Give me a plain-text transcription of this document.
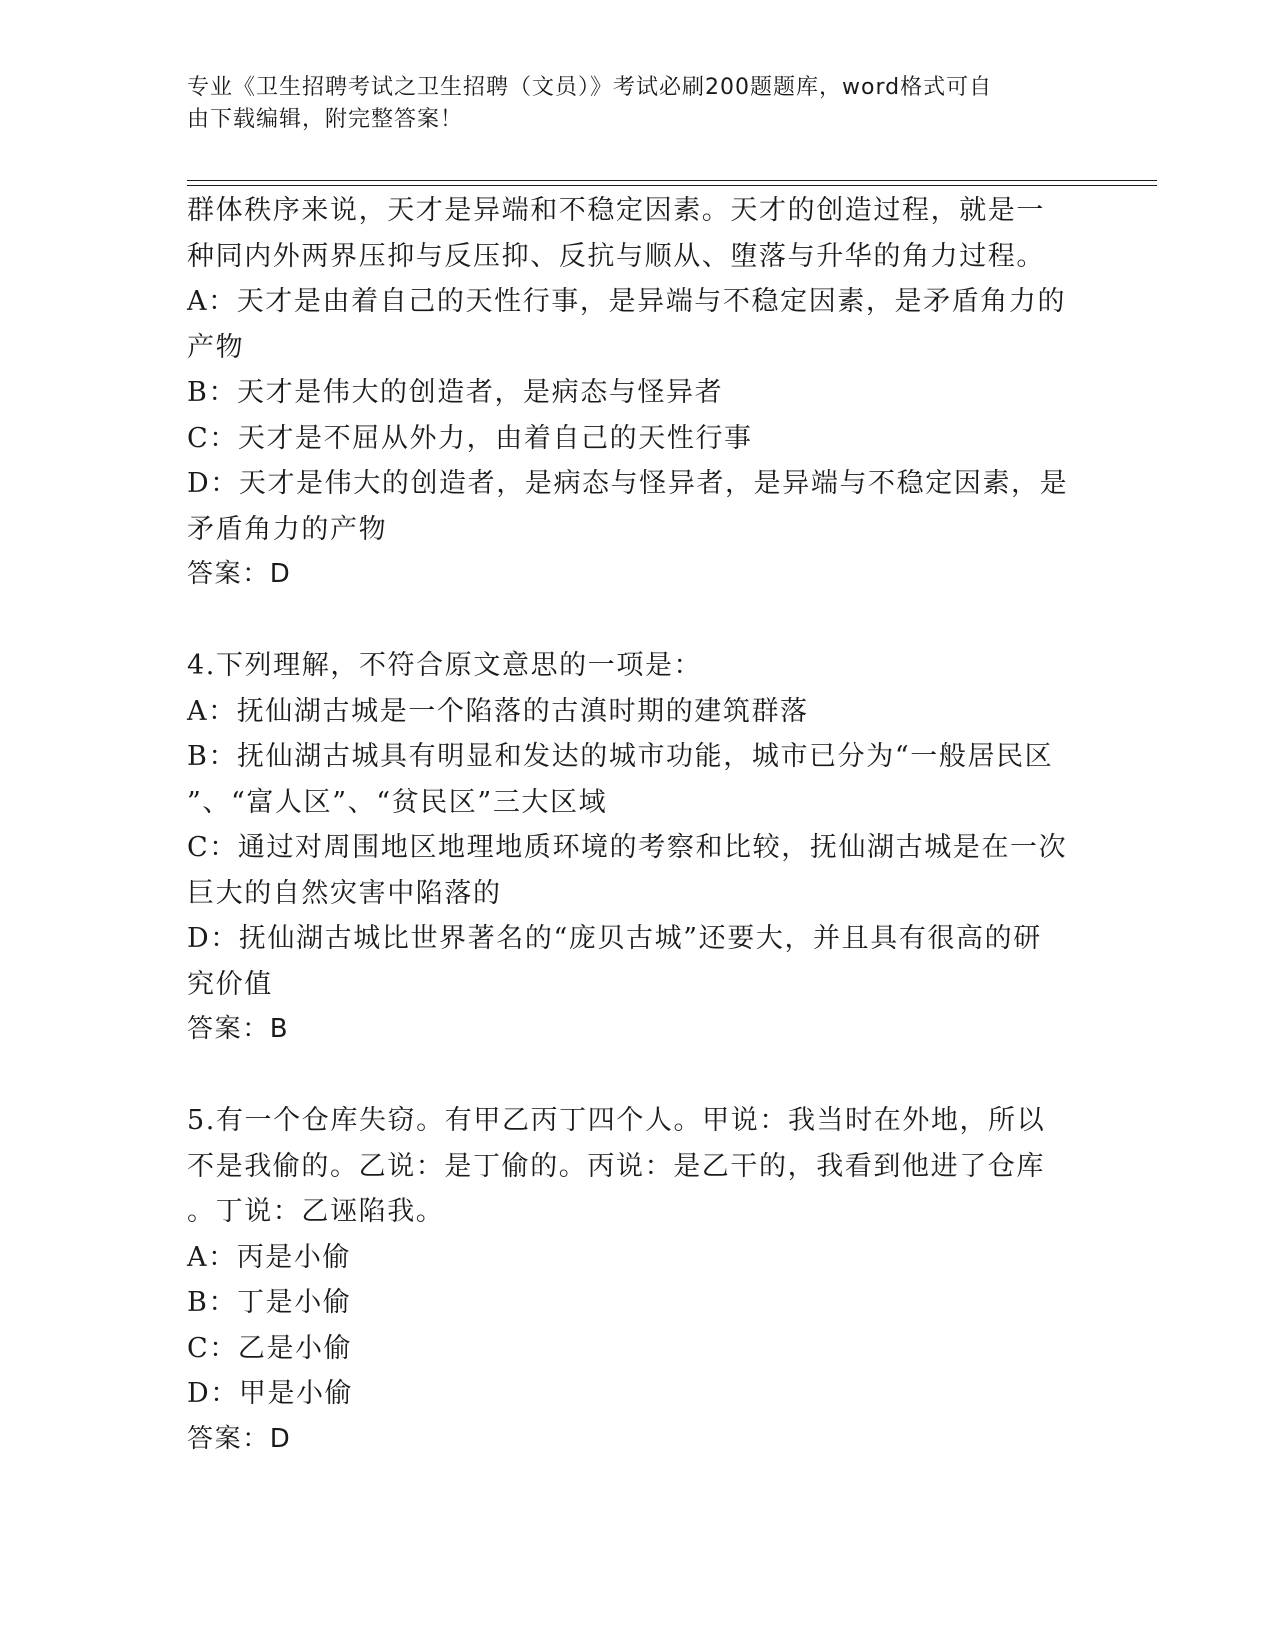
专业《卫生招聘考试之卫生招聘（文员）》考试必刷200题题库，word格式可自
由下载编辑，附完整答案！
群体秩序来说，天才是异端和不稳定因素。天才的创造过程，就是一
种同内外两界压抑与反压抑、反抗与顺从、堕落与升华的角力过程。
A：天才是由着自己的天性行事，是异端与不稳定因素，是矛盾角力的
产物
B：天才是伟大的创造者，是病态与怪异者
C：天才是不屈从外力，由着自己的天性行事
D：天才是伟大的创造者，是病态与怪异者，是异端与不稳定因素，是
矛盾角力的产物
答案：D
4.下列理解，不符合原文意思的一项是：
A：抚仙湖古城是一个陷落的古滇时期的建筑群落
B：抚仙湖古城具有明显和发达的城市功能，城市已分为“一般居民区
”、“富人区”、“贫民区”三大区域
C：通过对周围地区地理地质环境的考察和比较，抚仙湖古城是在一次
巨大的自然灾害中陷落的
D：抚仙湖古城比世界著名的“庞贝古城”还要大，并且具有很高的研
究价值
答案：B
5.有一个仓库失窃。有甲乙丙丁四个人。甲说：我当时在外地，所以
不是我偷的。乙说：是丁偷的。丙说：是乙干的，我看到他进了仓库
。丁说：乙诬陷我。
A：丙是小偷
B：丁是小偷
C：乙是小偷
D：甲是小偷
答案：D
